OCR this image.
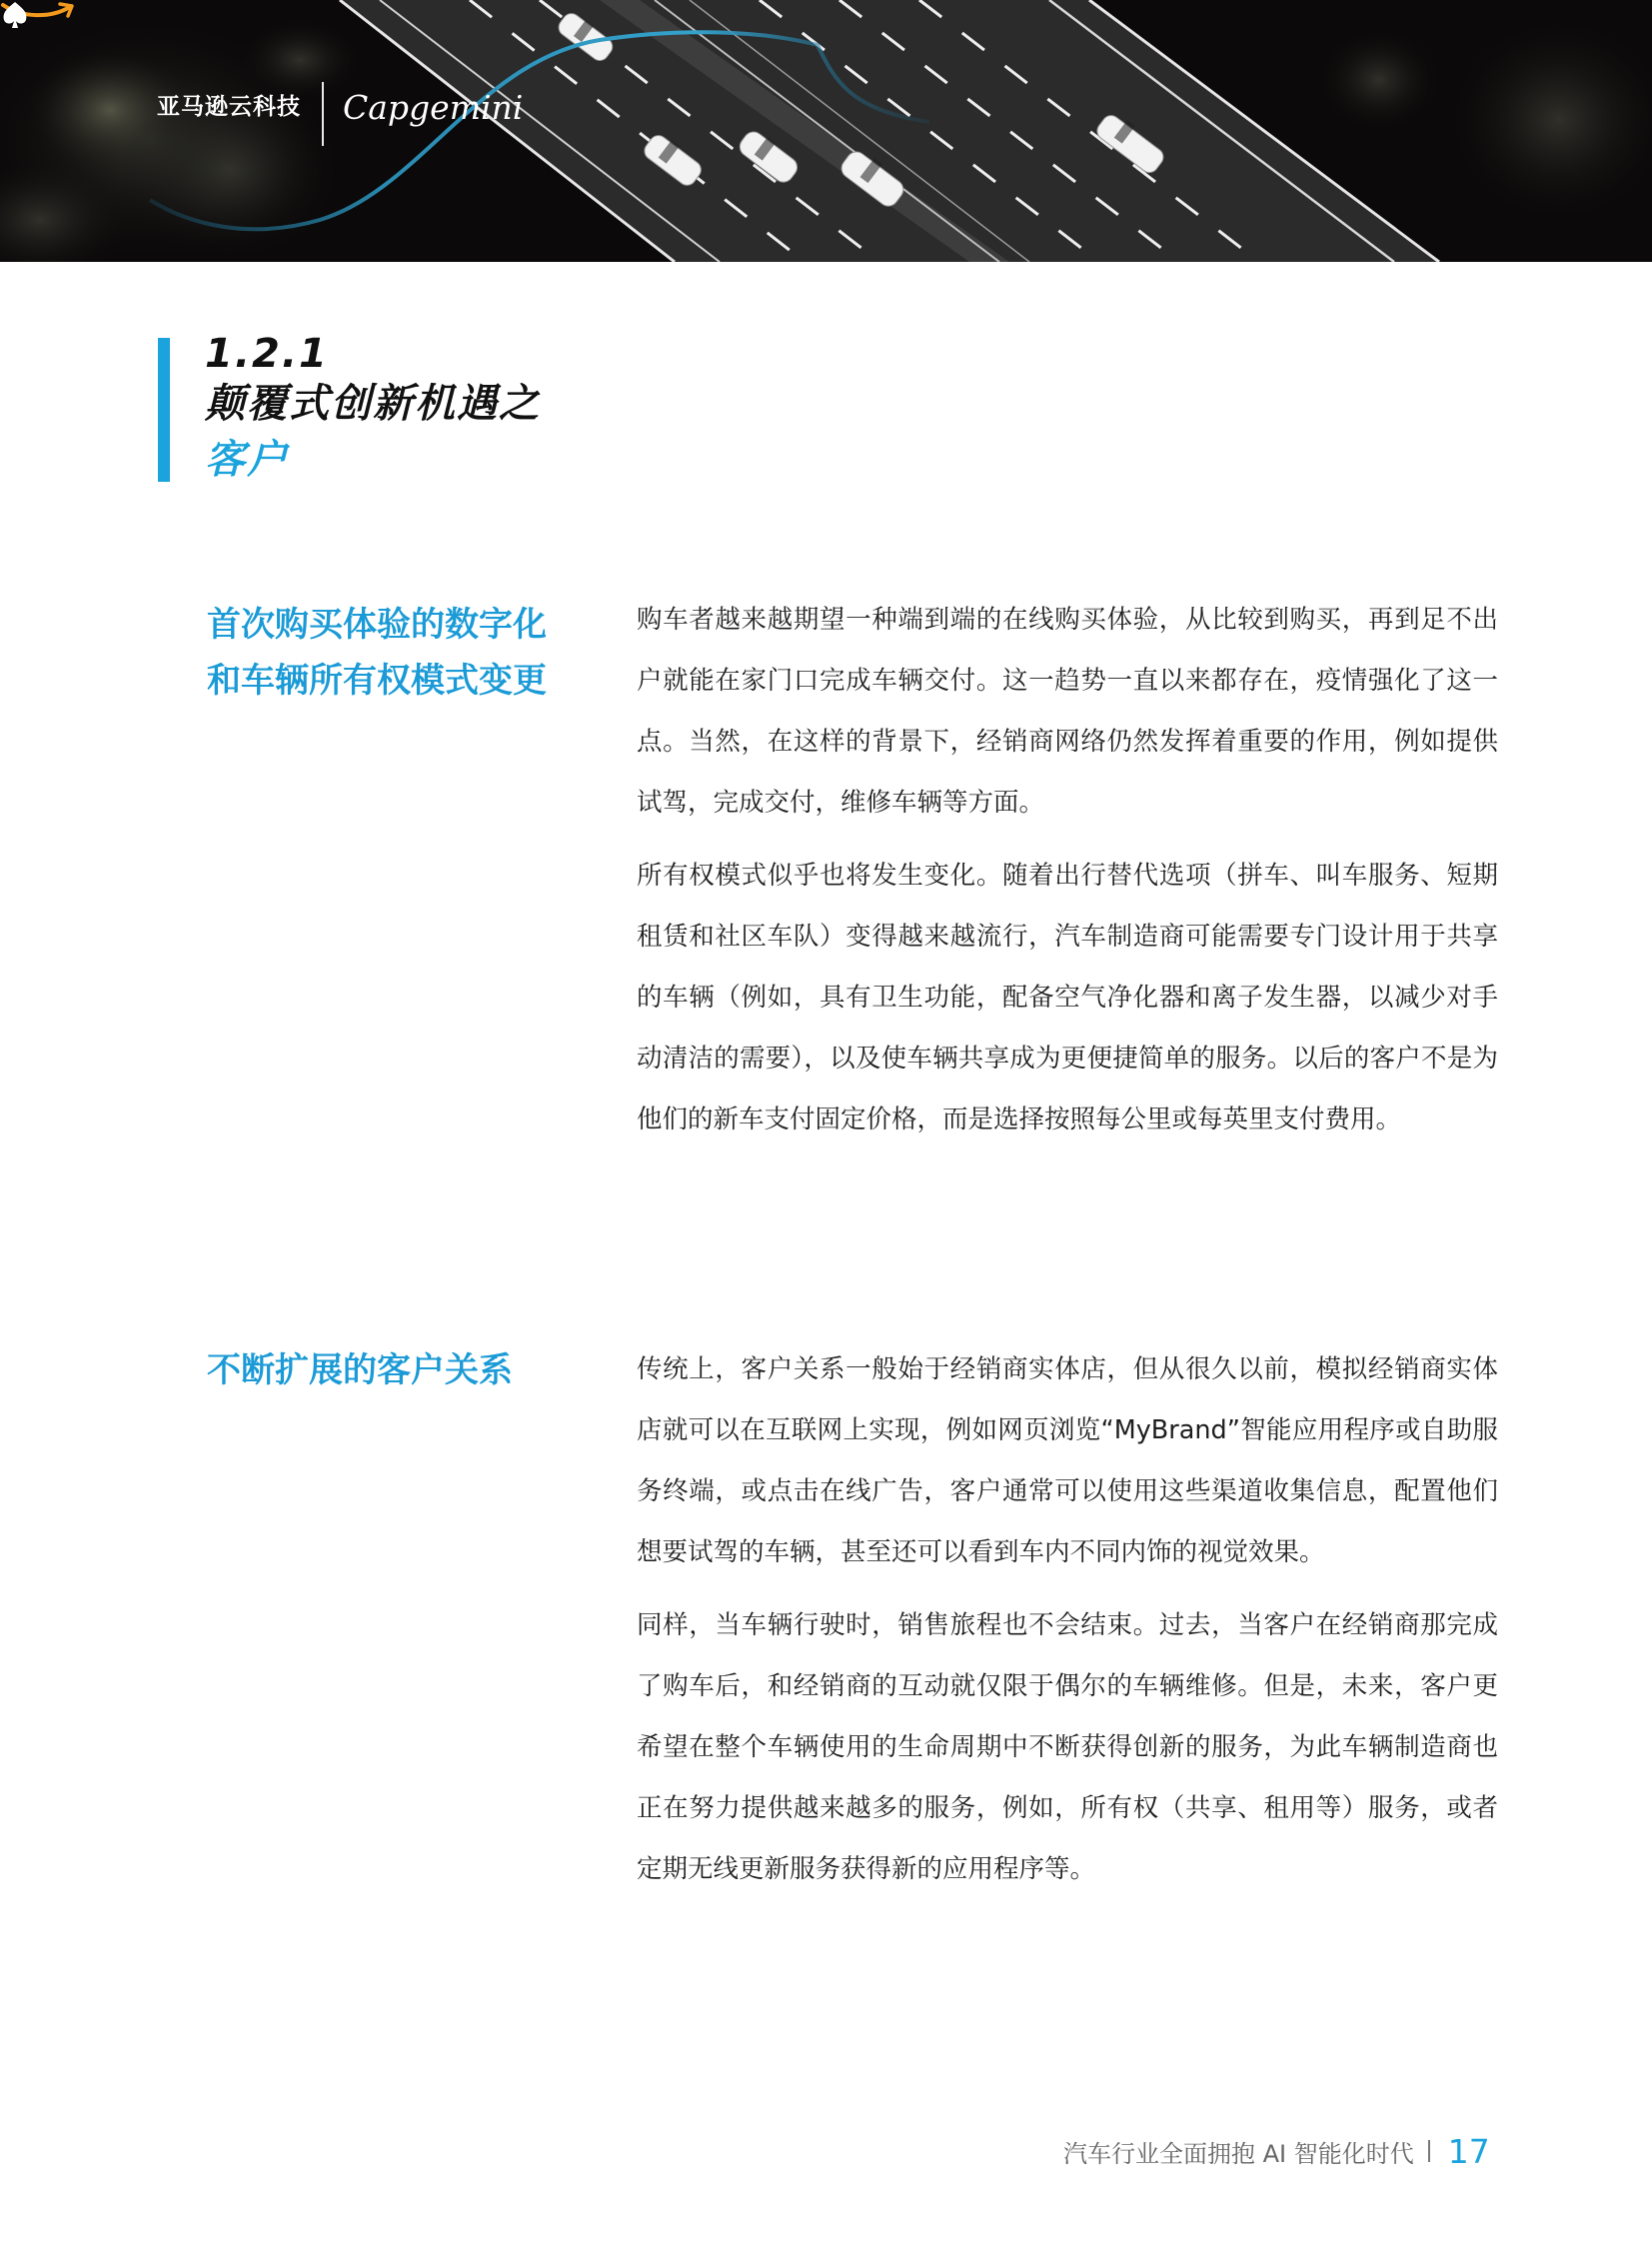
亚马逊云科技 Capgemini
1.2.1
颠覆式创新机遇之
客户
首次购买体验的数字化和车辆所有权模式变更

购车者越来越期望一种端到端的在线购买体验，从比较到购买，再到足不出户就能在家门口完成车辆交付。这一趋势一直以来都存在，疫情强化了这一点。当然，在这样的背景下，经销商网络仍然发挥着重要的作用，例如提供试驾，完成交付，维修车辆等方面。

所有权模式似乎也将发生变化。随着出行替代选项（拼车、叫车服务、短期租赁和社区车队）变得越来越流行，汽车制造商可能需要专门设计用于共享的车辆（例如，具有卫生功能，配备空气净化器和离子发生器，以减少对手动清洁的需要），以及使车辆共享成为更便捷简单的服务。以后的客户不是为他们的新车支付固定价格，而是选择按照每公里或每英里支付费用。

不断扩展的客户关系	传统上，客户关系一般始于经销商实体店，但从很久以前，模拟经销商实体店就可以在互联网上实现，例如网页浏览“MyBrand”智能应用程序或自助服务终端，或点击在线广告，客户通常可以使用这些渠道收集信息，配置他们想要试驾的车辆，甚至还可以看到车内不同内饰的视觉效果。

同样，当车辆行驶时，销售旅程也不会结束。过去，当客户在经销商那完成了购车后，和经销商的互动就仅限于偶尔的车辆维修。但是，未来，客户更希望在整个车辆使用的生命周期中不断获得创新的服务，为此车辆制造商也正在努力提供越来越多的服务，例如，所有权（共享、租用等）服务，或者定期无线更新服务获得新的应用程序等。

汽车行业全面拥抱 AI 智能化时代 17
